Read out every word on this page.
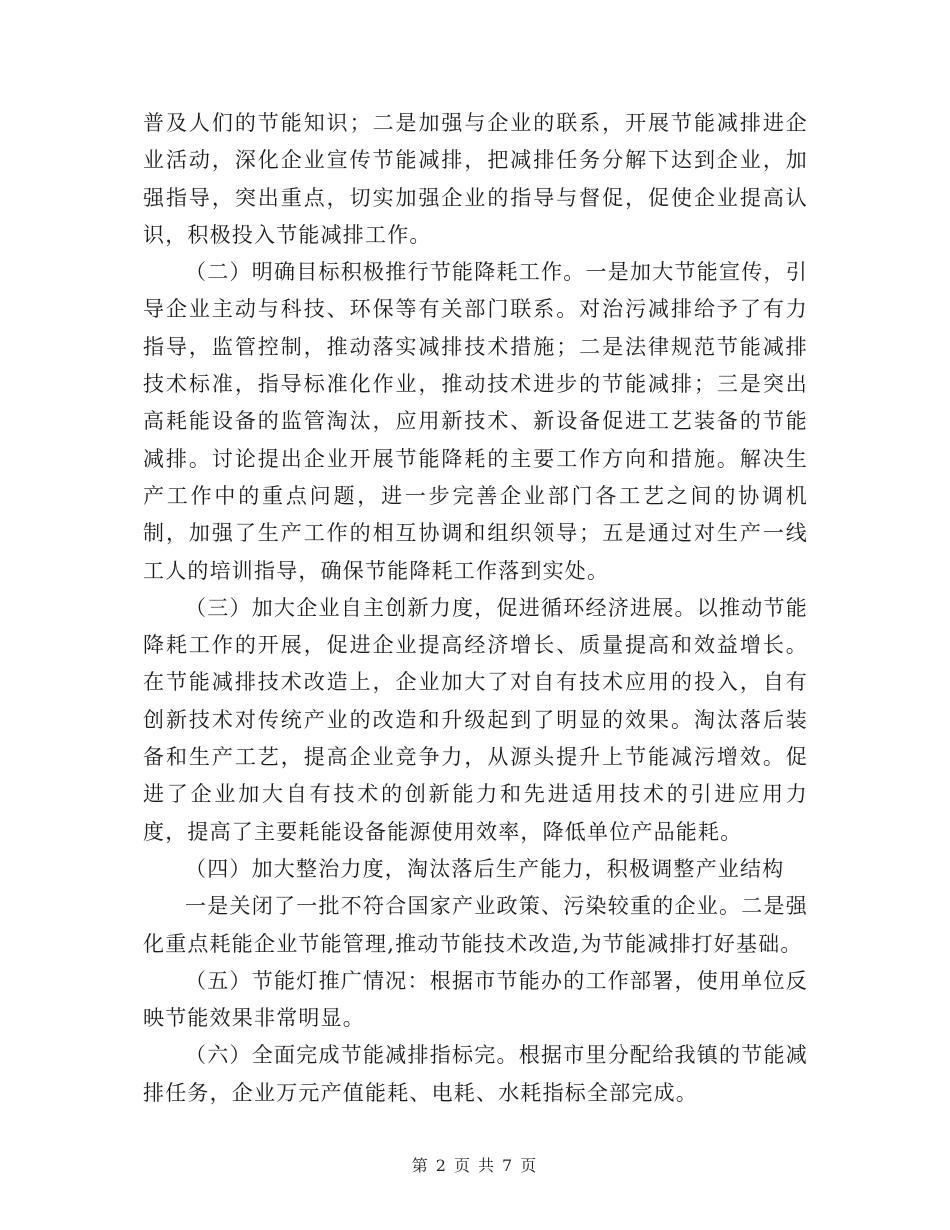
普及人们的节能知识；二是加强与企业的联系，开展节能减排进企业活动，深化企业宣传节能减排，把减排任务分解下达到企业，加强指导，突出重点，切实加强企业的指导与督促，促使企业提高认识，积极投入节能减排工作。

（二）明确目标积极推行节能降耗工作。一是加大节能宣传，引导企业主动与科技、环保等有关部门联系。对治污减排给予了有力指导，监管控制，推动落实减排技术措施；二是法律规范节能减排技术标准，指导标准化作业，推动技术进步的节能减排；三是突出高耗能设备的监管淘汰，应用新技术、新设备促进工艺装备的节能减排。讨论提出企业开展节能降耗的主要工作方向和措施。解决生产工作中的重点问题，进一步完善企业部门各工艺之间的协调机制，加强了生产工作的相互协调和组织领导；五是通过对生产一线工人的培训指导，确保节能降耗工作落到实处。

（三）加大企业自主创新力度，促进循环经济进展。以推动节能降耗工作的开展，促进企业提高经济增长、质量提高和效益增长。在节能减排技术改造上，企业加大了对自有技术应用的投入，自有创新技术对传统产业的改造和升级起到了明显的效果。淘汰落后装备和生产工艺，提高企业竞争力，从源头提升上节能减污增效。促进了企业加大自有技术的创新能力和先进适用技术的引进应用力度，提高了主要耗能设备能源使用效率，降低单位产品能耗。

（四）加大整治力度，淘汰落后生产能力，积极调整产业结构

一是关闭了一批不符合国家产业政策、污染较重的企业。二是强化重点耗能企业节能管理,推动节能技术改造,为节能减排打好基础。

（五）节能灯推广情况：根据市节能办的工作部署，使用单位反映节能效果非常明显。

（六）全面完成节能减排指标完。根据市里分配给我镇的节能减排任务，企业万元产值能耗、电耗、水耗指标全部完成。

第 2 页 共 7 页
